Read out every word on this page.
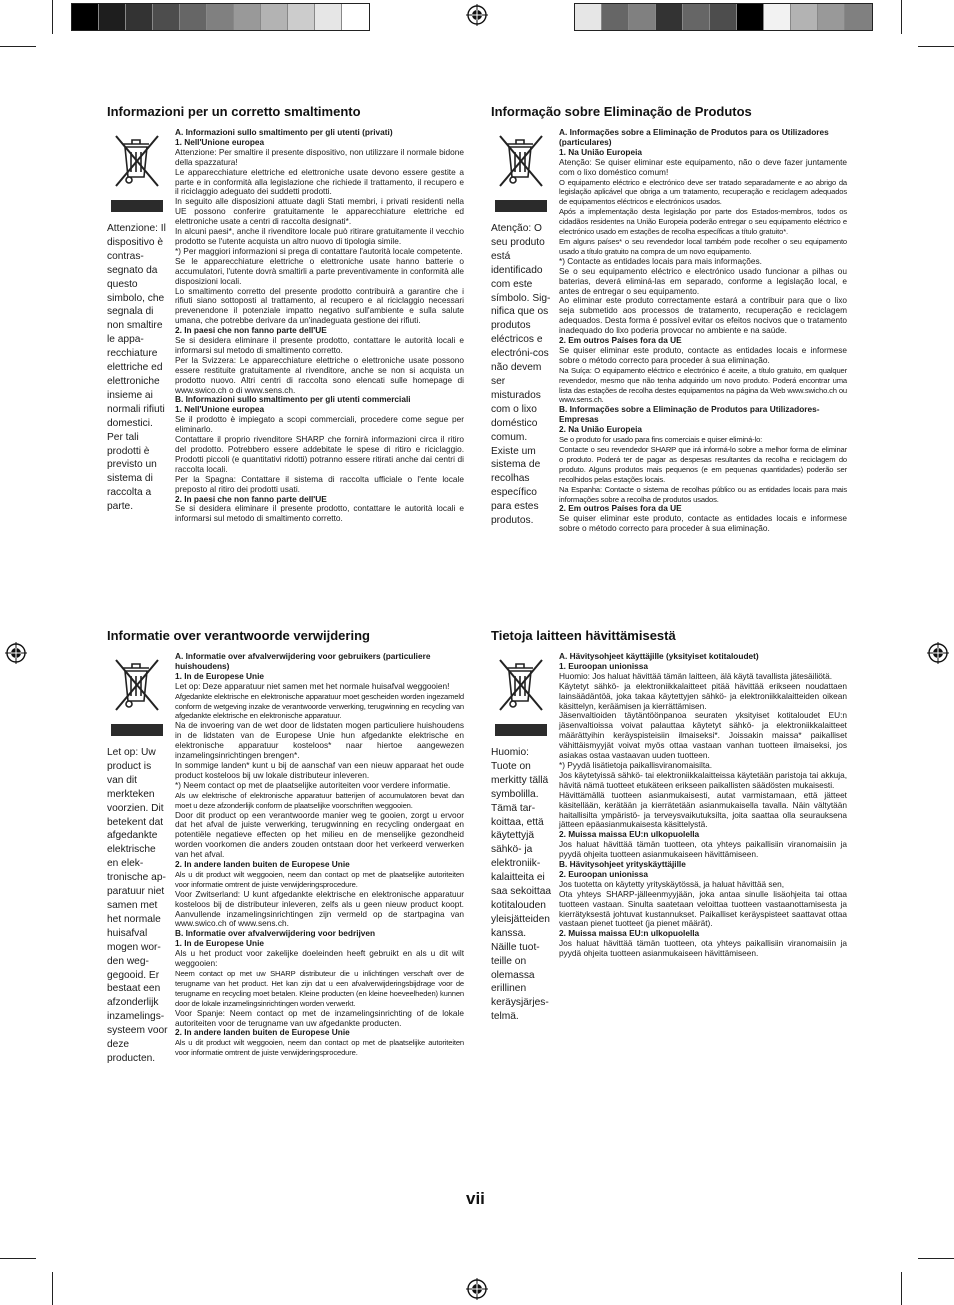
Informazioni per un corretto smaltimento
Attenzione: Il dispositivo è contras-segnato da questo simbolo, che segnala di non smaltire le appa-recchiature elettriche ed elettroniche insieme ai normali rifiuti domestici. Per tali prodotti è previsto un sistema di raccolta a parte.

A. Informazioni sullo smaltimento per gli utenti (privati)

1. Nell'Unione europea

Attenzione: Per smaltire il presente dispositivo, non utilizzare il normale bidone della spazzatura!

Le apparecchiature elettriche ed elettroniche usate devono essere gestite a parte e in conformità alla legislazione che richiede il trattamento, il recupero e il riciclaggio adeguato dei suddetti prodotti.

In seguito alle disposizioni attuate dagli Stati membri, i privati residenti nella UE possono conferire gratuitamente le apparecchiature elettriche ed elettroniche usate a centri di raccolta designati*.

In alcuni paesi*, anche il rivenditore locale può ritirare gratuitamente il vecchio prodotto se l'utente acquista un altro nuovo di tipologia simile.

*) Per maggiori informazioni si prega di contattare l'autorità locale competente.

Se le apparecchiature elettriche o elettroniche usate hanno batterie o accumulatori, l'utente dovrà smaltirli a parte preventivamente in conformità alle disposizioni locali.

Lo smaltimento corretto del presente prodotto contribuirà a garantire che i rifiuti siano sottoposti al trattamento, al recupero e al riciclaggio necessari prevenendone il potenziale impatto negativo sull'ambiente e sulla salute umana, che potrebbe derivare da un'inadeguata gestione dei rifiuti.

2. In paesi che non fanno parte dell'UE

Se si desidera eliminare il presente prodotto, contattare le autorità locali e informarsi sul metodo di smaltimento corretto.

Per la Svizzera: Le apparecchiature elettriche o elettroniche usate possono essere restituite gratuitamente al rivenditore, anche se non si acquista un prodotto nuovo. Altri centri di raccolta sono elencati sulle homepage di www.swico.ch o di www.sens.ch.

B. Informazioni sullo smaltimento per gli utenti commerciali

1. Nell'Unione europea

Se il prodotto è impiegato a scopi commerciali, procedere come segue per eliminarlo.

Contattare il proprio rivenditore SHARP che fornirà informazioni circa il ritiro del prodotto. Potrebbero essere addebitate le spese di ritiro e riciclaggio. Prodotti piccoli (e quantitativi ridotti) potranno essere ritirati anche dai centri di raccolta locali.

Per la Spagna: Contattare il sistema di raccolta ufficiale o l'ente locale preposto al ritiro dei prodotti usati.

2. In paesi che non fanno parte dell'UE

Se si desidera eliminare il presente prodotto, contattare le autorità locali e informarsi sul metodo di smaltimento corretto.

Informação sobre Eliminação de Produtos
Atenção: O seu produto está identificado com este símbolo. Sig-nifica que os produtos eléctricos e electróni-cos não devem ser misturados com o lixo doméstico comum. Existe um sistema de recolhas específico para estes produtos.

A. Informações sobre a Eliminação de Produtos para os Utilizadores (particulares)

1. Na União Europeia

Atenção: Se quiser eliminar este equipamento, não o deve fazer juntamente com o lixo doméstico comum!

O equipamento eléctrico e electrónico deve ser tratado separadamente e ao abrigo da legislação aplicável que obriga a um tratamento, recuperação e reciclagem adequados de equipamentos eléctricos e electrónicos usados.

Após a implementação desta legislação por parte dos Estados-membros, todos os cidadãos residentes na União Europeia poderão entregar o seu equipamento eléctrico e electrónico usado em estações de recolha específicas a título gratuito*.

Em alguns países* o seu revendedor local também pode recolher o seu equipamento usado a título gratuito na compra de um novo equipamento.

*) Contacte as entidades locais para mais informações.

Se o seu equipamento eléctrico e electrónico usado funcionar a pilhas ou baterias, deverá eliminá-las em separado, conforme a legislação local, e antes de entregar o seu equipamento.

Ao eliminar este produto correctamente estará a contribuir para que o lixo seja submetido aos processos de tratamento, recuperação e reciclagem adequados. Desta forma é possível evitar os efeitos nocivos que o tratamento inadequado do lixo poderia provocar no ambiente e na saúde.

2. Em outros Países fora da UE

Se quiser eliminar este produto, contacte as entidades locais e informese sobre o método correcto para proceder à sua eliminação.

Na Suíça: O equipamento eléctrico e electrónico é aceite, a título gratuito, em qualquer revendedor, mesmo que não tenha adquirido um novo produto. Poderá encontrar uma lista das estações de recolha destes equipamentos na página da Web www.swicho.ch ou www.sens.ch.

B. Informações sobre a Eliminação de Produtos para Utilizadores-Empresas

2. Na União Europeia

Se o produto for usado para fins comerciais e quiser eliminá-lo:

Contacte o seu revendedor SHARP que irá informá-lo sobre a melhor forma de eliminar o produto. Poderá ter de pagar as despesas resultantes da recolha e reciclagem do produto. Alguns produtos mais pequenos (e em pequenas quantidades) poderão ser recolhidos pelas estações locais.

Na Espanha: Contacte o sistema de recolhas público ou as entidades locais para mais informações sobre a recolha de produtos usados.

2. Em outros Países fora da UE

Se quiser eliminar este produto, contacte as entidades locais e informese sobre o método correcto para proceder à sua eliminação.

Informatie over verantwoorde verwijdering
Let op: Uw product is van dit merkteken voorzien. Dit betekent dat afgedankte elektrische en elek-tronische ap-paratuur niet samen met het normale huisafval mogen wor-den weg-gegooid. Er bestaat een afzonderlijk inzamelings-systeem voor deze producten.

A. Informatie over afvalverwijdering voor gebruikers (particuliere huishoudens)

1. In de Europese Unie

Let op: Deze apparatuur niet samen met het normale huisafval weggooien!

Afgedankte elektrische en elektronische apparatuur moet gescheiden worden ingezameld conform de wetgeving inzake de verantwoorde verwerking, terugwinning en recycling van afgedankte elektrische en elektronische apparatuur.

Na de invoering van de wet door de lidstaten mogen particuliere huishoudens in de lidstaten van de Europese Unie hun afgedankte elektrische en elektronische apparatuur kosteloos* naar hiertoe aangewezen inzamelingsinrichtingen brengen*.

In sommige landen* kunt u bij de aanschaf van een nieuw apparaat het oude product kosteloos bij uw lokale distributeur inleveren.

*) Neem contact op met de plaatselijke autoriteiten voor verdere informatie.

Als uw elektrische of elektronische apparatuur batterijen of accumulatoren bevat dan moet u deze afzonderlijk conform de plaatselijke voorschriften weggooien.

Door dit product op een verantwoorde manier weg te gooien, zorgt u ervoor dat het afval de juiste verwerking, terugwinning en recycling ondergaat en potentiële negatieve effecten op het milieu en de menselijke gezondheid worden voorkomen die anders zouden ontstaan door het verkeerd verwerken van het afval.

2. In andere landen buiten de Europese Unie

Als u dit product wilt weggooien, neem dan contact op met de plaatselijke autoriteiten voor informatie omtrent de juiste verwijderingsprocedure.

Voor Zwitserland: U kunt afgedankte elektrische en elektronische apparatuur kosteloos bij de distributeur inleveren, zelfs als u geen nieuw product koopt. Aanvullende inzamelingsinrichtingen zijn vermeld op de startpagina van www.swico.ch of www.sens.ch.

B. Informatie over afvalverwijdering voor bedrijven

1. In de Europese Unie

Als u het product voor zakelijke doeleinden heeft gebruikt en als u dit wilt weggooien:

Neem contact op met uw SHARP distributeur die u inlichtingen verschaft over de terugname van het product. Het kan zijn dat u een afvalverwijderingsbijdrage voor de terugname en recycling moet betalen. Kleine producten (en kleine hoeveelheden) kunnen door de lokale inzamelingsinrichtingen worden verwerkt.

Voor Spanje: Neem contact op met de inzamelingsinrichting of de lokale autoriteiten voor de terugname van uw afgedankte producten.

2. In andere landen buiten de Europese Unie

Als u dit product wilt weggooien, neem dan contact op met de plaatselijke autoriteiten voor informatie omtrent de juiste verwijderingsprocedure.

Tietoja laitteen hävittämisestä
Huomio: Tuote on merkitty tällä symbolilla. Tämä tar-koittaa, että käytettyjä sähkö- ja elektroniik-kalaitteita ei saa sekoittaa kotitalouden yleisjätteiden kanssa. Näille tuot-teille on olemassa erillinen keräysjärjes-telmä.

A. Hävitysohjeet käyttäjille (yksityiset kotitaloudet)

1. Euroopan unionissa

Huomio: Jos haluat hävittää tämän laitteen, älä käytä tavallista jätesäiliötä.

Käytetyt sähkö- ja elektroniikkalaitteet pitää hävittää erikseen noudattaen lainsäädäntöä, joka takaa käytettyjen sähkö- ja elektroniikkalaitteiden oikean käsittelyn, keräämisen ja kierrättämisen.

Jäsenvaltioiden täytäntöönpanoa seuraten yksityiset kotitaloudet EU:n jäsenvaltioissa voivat palauttaa käytetyt sähkö- ja elektroniikkalaitteet määrättyihin keräyspisteisiin ilmaiseksi*. Joissakin maissa* paikalliset vähittäismyyjät voivat myös ottaa vastaan vanhan tuotteen ilmaiseksi, jos asiakas ostaa vastaavan uuden tuotteen.

*) Pyydä lisätietoja paikallisviranomaisilta.

Jos käytetyissä sähkö- tai elektroniikkalaitteissa käytetään paristoja tai akkuja, hävitä nämä tuotteet etukäteen erikseen paikallisten säädösten mukaisesti.

Hävittämällä tuotteen asianmukaisesti, autat varmistamaan, että jätteet käsitellään, kerätään ja kierrätetään asianmukaisella tavalla. Näin vältytään haitallisilta ympäristö- ja terveysvaikutuksilta, joita saattaa olla seurauksena jätteen epäasianmukaisesta käsittelystä.

2. Muissa maissa EU:n ulkopuolella

Jos haluat hävittää tämän tuotteen, ota yhteys paikallisiin viranomaisiin ja pyydä ohjeita tuotteen asianmukaiseen hävittämiseen.

B. Hävitysohjeet yrityskäyttäjille

2. Euroopan unionissa

Jos tuotetta on käytetty yrityskäytössä, ja haluat hävittää sen,

Ota yhteys SHARP-jälleenmyyjään, joka antaa sinulle lisäohjeita tai ottaa tuotteen vastaan. Sinulta saatetaan veloittaa tuotteen vastaanottamisesta ja kierrätyksestä johtuvat kustannukset. Paikalliset keräyspisteet saattavat ottaa vastaan pienet tuotteet (ja pienet määrät).

2. Muissa maissa EU:n ulkopuolella

Jos haluat hävittää tämän tuotteen, ota yhteys paikallisiin viranomaisiin ja pyydä ohjeita tuotteen asianmukaiseen hävittämiseen.

vii
